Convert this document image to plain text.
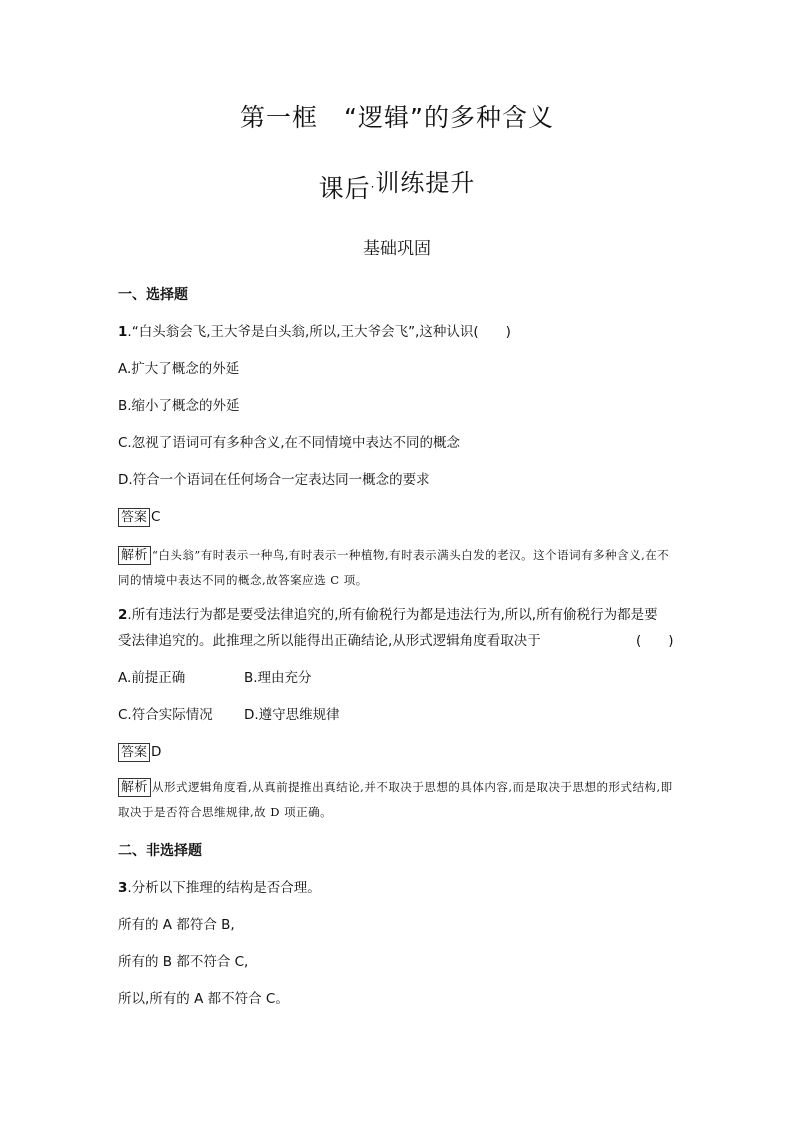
第一框　“逻辑”的多种含义
课后·训练提升
基础巩固
一、选择题
1.“白头翁会飞,王大爷是白头翁,所以,王大爷会飞”,这种认识(　　)
A.扩大了概念的外延
B.缩小了概念的外延
C.忽视了语词可有多种含义,在不同情境中表达不同的概念
D.符合一个语词在任何场合一定表达同一概念的要求
答案 C
解析 “白头翁”有时表示一种鸟,有时表示一种植物,有时表示满头白发的老汉。这个语词有多种含义,在不同的情境中表达不同的概念,故答案应选 C 项。
2.所有违法行为都是要受法律追究的,所有偷税行为都是违法行为,所以,所有偷税行为都是要
受法律追究的。此推理之所以能得出正确结论,从形式逻辑角度看取决于	(　　)
A.前提正确	B.理由充分
C.符合实际情况 D.遵守思维规律
答案 D
解析 从形式逻辑角度看,从真前提推出真结论,并不取决于思想的具体内容,而是取决于思想的形式结构,即取决于是否符合思维规律,故 D 项正确。
二、非选择题
3.分析以下推理的结构是否合理。
所有的 A 都符合 B,
所有的 B 都不符合 C,
所以,所有的 A 都不符合 C。
